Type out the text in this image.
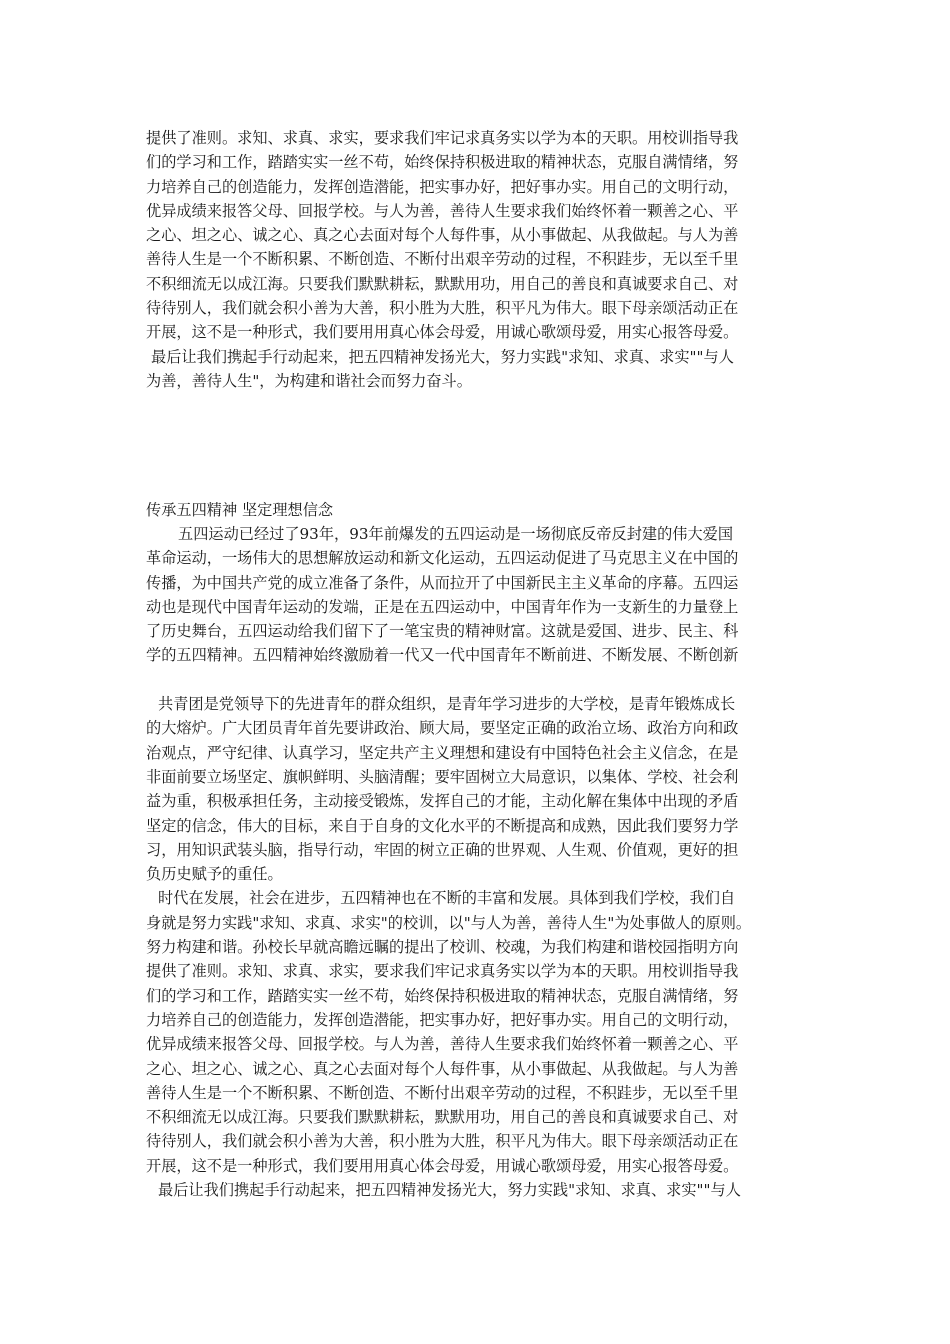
提供了准则。求知、求真、求实，要求我们牢记求真务实以学为本的天职。用校训指导我
们的学习和工作，踏踏实实一丝不苟，始终保持积极进取的精神状态，克服自满情绪，努
力培养自己的创造能力，发挥创造潜能，把实事办好，把好事办实。用自己的文明行动，
优异成绩来报答父母、回报学校。与人为善，善待人生要求我们始终怀着一颗善之心、平
之心、坦之心、诚之心、真之心去面对每个人每件事，从小事做起、从我做起。与人为善
善待人生是一个不断积累、不断创造、不断付出艰辛劳动的过程，不积跬步，无以至千里
不积细流无以成江海。只要我们默默耕耘，默默用功，用自己的善良和真诚要求自己、对
待待别人，我们就会积小善为大善，积小胜为大胜，积平凡为伟大。眼下母亲颂活动正在
开展，这不是一种形式，我们要用用真心体会母爱，用诚心歌颂母爱，用实心报答母爱。
最后让我们携起手行动起来，把五四精神发扬光大，努力实践"求知、求真、求实""与人
为善，善待人生"，为构建和谐社会而努力奋斗。
传承五四精神 坚定理想信念
五四运动已经过了93年，93年前爆发的五四运动是一场彻底反帝反封建的伟大爱国
革命运动，一场伟大的思想解放运动和新文化运动，五四运动促进了马克思主义在中国的
传播，为中国共产党的成立准备了条件，从而拉开了中国新民主主义革命的序幕。五四运
动也是现代中国青年运动的发端，正是在五四运动中，中国青年作为一支新生的力量登上
了历史舞台，五四运动给我们留下了一笔宝贵的精神财富。这就是爱国、进步、民主、科
学的五四精神。五四精神始终激励着一代又一代中国青年不断前进、不断发展、不断创新
共青团是党领导下的先进青年的群众组织，是青年学习进步的大学校，是青年锻炼成长
的大熔炉。广大团员青年首先要讲政治、顾大局，要坚定正确的政治立场、政治方向和政
治观点，严守纪律、认真学习，坚定共产主义理想和建设有中国特色社会主义信念，在是
非面前要立场坚定、旗帜鲜明、头脑清醒；要牢固树立大局意识，以集体、学校、社会利
益为重，积极承担任务，主动接受锻炼，发挥自己的才能，主动化解在集体中出现的矛盾
坚定的信念，伟大的目标，来自于自身的文化水平的不断提高和成熟，因此我们要努力学
习，用知识武装头脑，指导行动，牢固的树立正确的世界观、人生观、价值观，更好的担
负历史赋予的重任。
时代在发展，社会在进步，五四精神也在不断的丰富和发展。具体到我们学校，我们自
身就是努力实践"求知、求真、求实"的校训，以"与人为善，善待人生"为处事做人的原则。
努力构建和谐。孙校长早就高瞻远瞩的提出了校训、校魂，为我们构建和谐校园指明方向
提供了准则。求知、求真、求实，要求我们牢记求真务实以学为本的天职。用校训指导我
们的学习和工作，踏踏实实一丝不苟，始终保持积极进取的精神状态，克服自满情绪，努
力培养自己的创造能力，发挥创造潜能，把实事办好，把好事办实。用自己的文明行动，
优异成绩来报答父母、回报学校。与人为善，善待人生要求我们始终怀着一颗善之心、平
之心、坦之心、诚之心、真之心去面对每个人每件事，从小事做起、从我做起。与人为善
善待人生是一个不断积累、不断创造、不断付出艰辛劳动的过程，不积跬步，无以至千里
不积细流无以成江海。只要我们默默耕耘，默默用功，用自己的善良和真诚要求自己、对
待待别人，我们就会积小善为大善，积小胜为大胜，积平凡为伟大。眼下母亲颂活动正在
开展，这不是一种形式，我们要用用真心体会母爱，用诚心歌颂母爱，用实心报答母爱。
最后让我们携起手行动起来，把五四精神发扬光大，努力实践"求知、求真、求实""与人
